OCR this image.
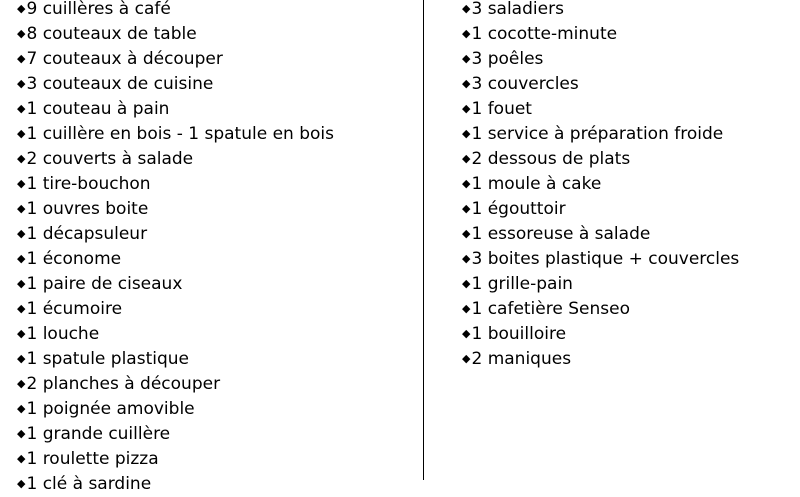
◆9 cuillères à café
◆8 couteaux de table
◆7 couteaux à découper
◆3 couteaux de cuisine
◆1 couteau à pain
◆1 cuillère en bois - 1 spatule en bois
◆2 couverts à salade
◆1 tire-bouchon
◆1 ouvres boite
◆1 décapsuleur
◆1 économe
◆1 paire de ciseaux
◆1 écumoire
◆1 louche
◆1 spatule plastique
◆2 planches à découper
◆1 poignée amovible
◆1 grande cuillère
◆1 roulette pizza
◆1 clé à sardine
◆3 saladiers
◆1 cocotte-minute
◆3 poêles
◆3 couvercles
◆1 fouet
◆1 service à préparation froide
◆2 dessous de plats
◆1 moule à cake
◆1 égouttoir
◆1 essoreuse à salade
◆3 boites plastique + couvercles
◆1 grille-pain
◆1 cafetière Senseo
◆1 bouilloire
◆2 maniques
